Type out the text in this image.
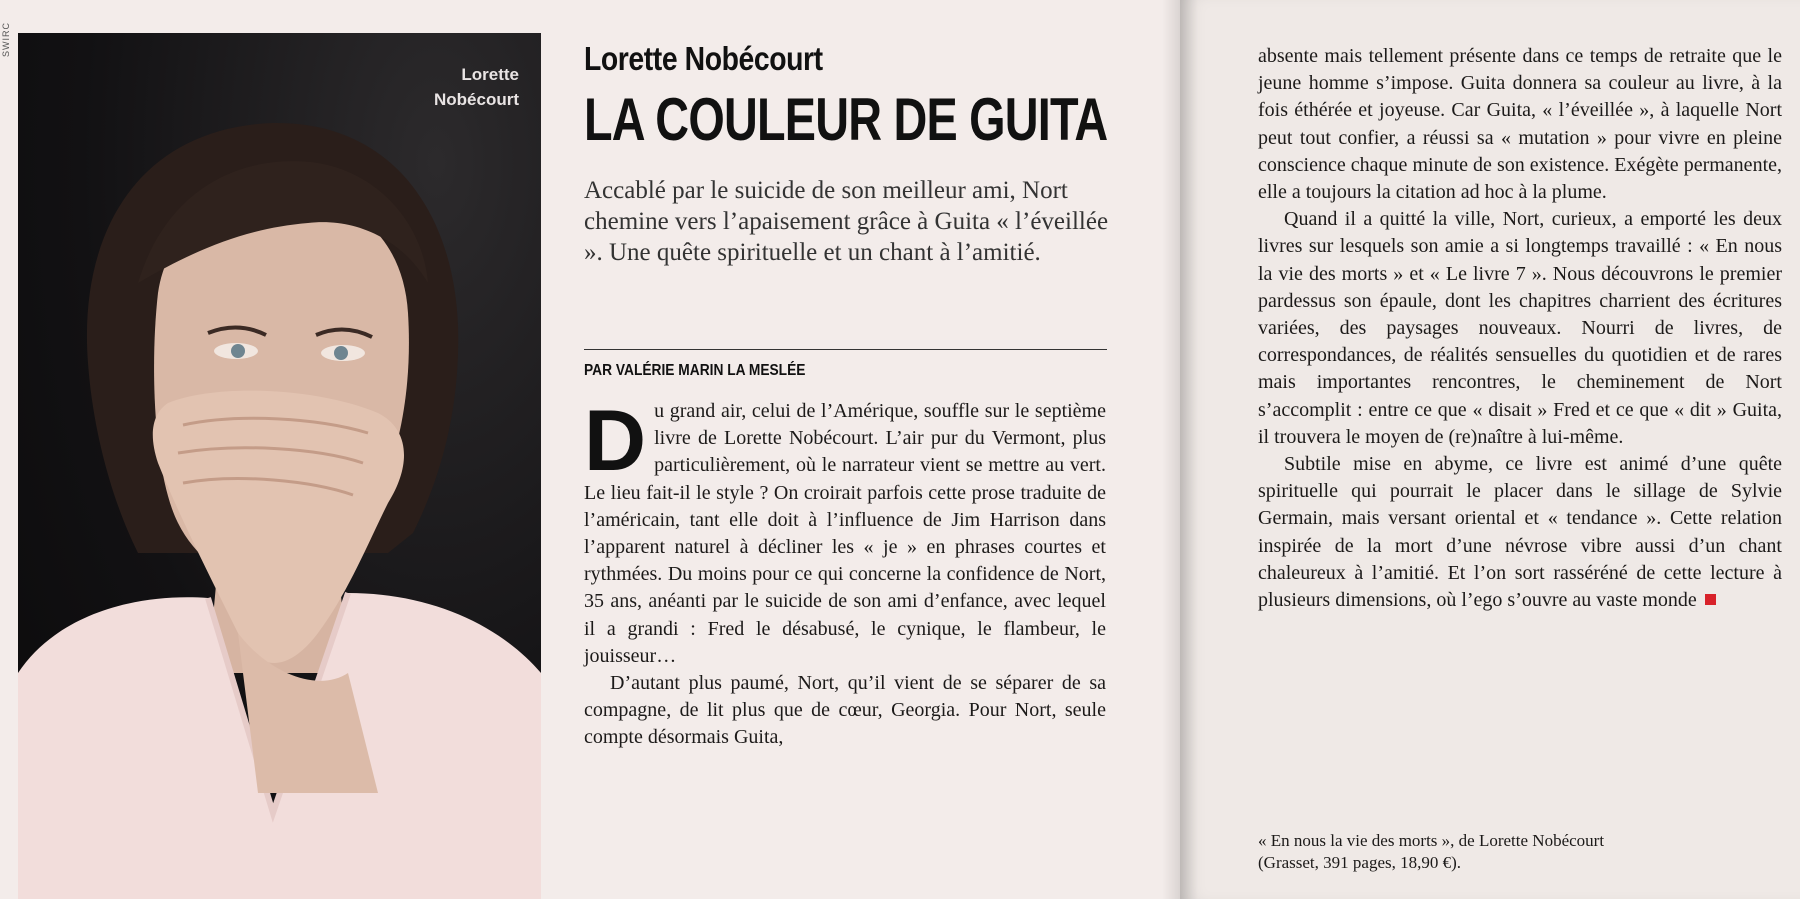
SWIRC
Lorette
Nobécourt
Lorette Nobécourt
LA COULEUR DE GUITA
Accablé par le suicide de son meilleur ami, Nort chemine vers l’apaisement grâce à Guita « l’éveillée ». Une quête spirituelle et un chant à l’amitié.
PAR VALÉRIE MARIN LA MESLÉE

Du grand air, celui de l’Amérique, souffle sur le septième livre de Lorette Nobécourt. L’air pur du Vermont, plus particulièrement, où le narrateur vient se mettre au vert. Le lieu fait-il le style ? On croirait parfois cette prose traduite de l’américain, tant elle doit à l’influence de Jim Harrison dans l’apparent naturel à décliner les « je » en phrases courtes et rythmées. Du moins pour ce qui concerne la confidence de Nort, 35 ans, anéanti par le suicide de son ami d’enfance, avec lequel il a grandi : Fred le désabusé, le cynique, le flambeur, le jouisseur…

D’autant plus paumé, Nort, qu’il vient de se séparer de sa compagne, de lit plus que de cœur, Georgia. Pour Nort, seule compte désormais Guita,

absente mais tellement présente dans ce temps de retraite que le jeune homme s’impose. Guita donnera sa couleur au livre, à la fois éthérée et joyeuse. Car Guita, « l’éveillée », à laquelle Nort peut tout confier, a réussi sa « mutation » pour vivre en pleine conscience chaque minute de son existence. Exégète permanente, elle a toujours la citation ad hoc à la plume.

Quand il a quitté la ville, Nort, curieux, a emporté les deux livres sur lesquels son amie a si longtemps travaillé : « En nous la vie des morts » et « Le livre 7 ». Nous découvrons le premier pardessus son épaule, dont les chapitres charrient des écritures variées, des paysages nouveaux. Nourri de livres, de correspondances, de réalités sensuelles du quotidien et de rares mais importantes rencontres, le cheminement de Nort s’accomplit : entre ce que « disait » Fred et ce que « dit » Guita, il trouvera le moyen de (re)naître à lui-même.

Subtile mise en abyme, ce livre est animé d’une quête spirituelle qui pourrait le placer dans le sillage de Sylvie Germain, mais versant oriental et « tendance ». Cette relation inspirée de la mort d’une névrose vibre aussi d’un chant chaleureux à l’amitié. Et l’on sort rasséréné de cette lecture à plusieurs dimensions, où l’ego s’ouvre au vaste monde

« En nous la vie des morts », de Lorette Nobécourt
(Grasset, 391 pages, 18,90 €).
